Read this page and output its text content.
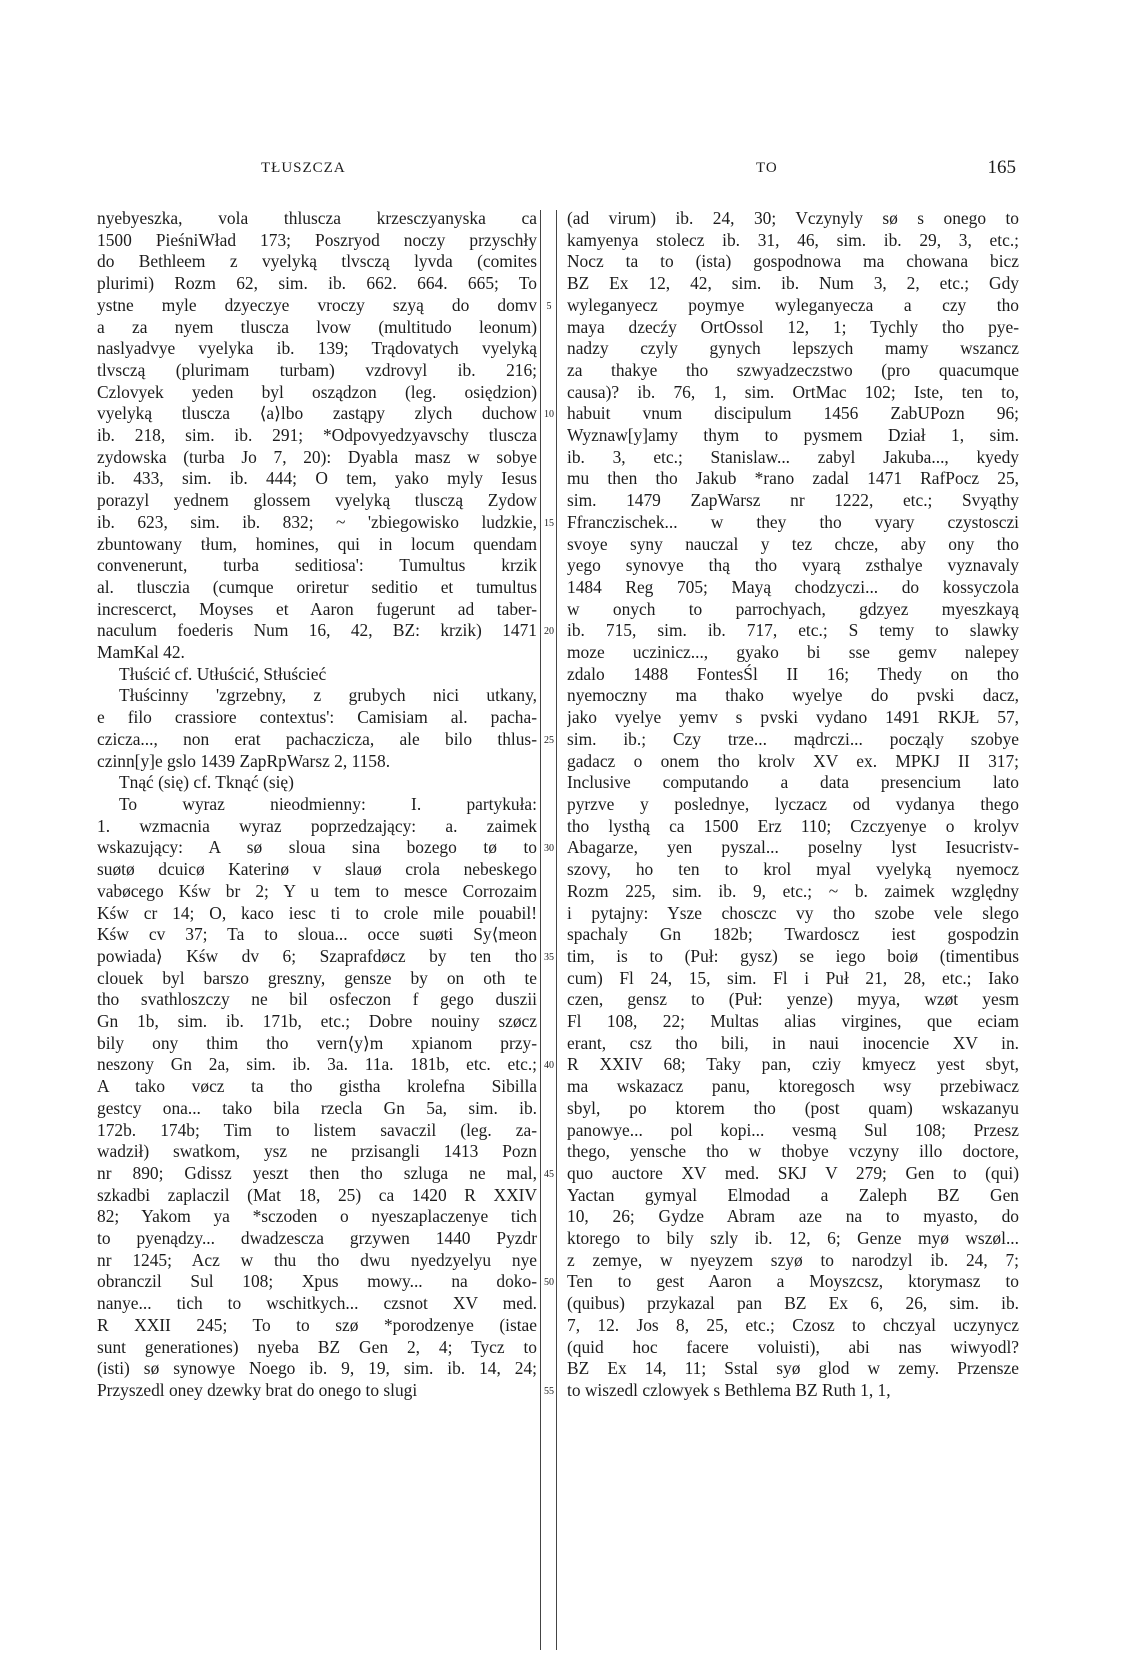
TŁUSZCZA	TO	165
5
10
15
20
25
30
35
40
45
50
55
nyebyeszka, vola thluscza krzesczyanyska ca
1500 PieśniWład 173; Poszryod noczy przyschły
do Bethleem z vyelyką tlvsczą lyvda (comites
plurimi) Rozm 62, sim. ib. 662. 664. 665; To
ystne myle dzyeczye vroczy szyą do domv
a za nyem tluscza lvow (multitudo leonum)
naslyadvye vyelyka ib. 139; Trądovatych vyelyką
tlvsczą (plurimam turbam) vzdrovyl ib. 216;
Czlovyek yeden byl osządzon (leg. osiędzion)
vyelyką tluscza ⟨a⟩lbo zastąpy zlych duchow
ib. 218, sim. ib. 291; *Odpovyedzyavschy tluscza
zydowska (turba Jo 7, 20): Dyabla masz w sobye
ib. 433, sim. ib. 444; O tem, yako myly Iesus
porazyl yednem glossem vyelyką tlusczą Zydow
ib. 623, sim. ib. 832; ~ 'zbiegowisko ludzkie,
zbuntowany tłum, homines, qui in locum quendam
convenerunt, turba seditiosa': Tumultus krzik
al. tlusczia (cumque oriretur seditio et tumultus
increscerct, Moyses et Aaron fugerunt ad taber-
naculum foederis Num 16, 42, BZ: krzik) 1471
MamKal 42.
Tłuścić cf. Utłuścić, Stłuścieć
Tłuścinny 'zgrzebny, z grubych nici utkany,
e filo crassiore contextus': Camisiam al. pacha-
czicza..., non erat pachaczicza, ale bilo thlus-
czinn[y]e gslo 1439 ZapRpWarsz 2, 1158.
Tnąć (się) cf. Tknąć (się)
To wyraz nieodmienny: I. partykuła:
1. wzmacnia wyraz poprzedzający: a. zaimek
wskazujący: A sø sloua sina bozego tø to
suøtø dcuicø Katerinø v slauø crola nebeskego
vabøcego Kśw br 2; Y u tem to mesce Corrozaim
Kśw cr 14; O, kaco iesc ti to crole mile pouabil!
Kśw cv 37; Ta to sloua... occe suøti Sy⟨meon
powiada⟩ Kśw dv 6; Szaprafdøcz by ten tho
clouek byl barszo greszny, gensze by on oth te
tho svathloszczy ne bil osfeczon f gego duszii
Gn 1b, sim. ib. 171b, etc.; Dobre nouiny szøcz
bily ony thim tho vern⟨y⟩m xpianom przy-
neszony Gn 2a, sim. ib. 3a. 11a. 181b, etc. etc.;
A tako vøcz ta tho gistha krolefna Sibilla
gestcy ona... tako bila rzecla Gn 5a, sim. ib.
172b. 174b; Tim to listem savaczil (leg. za-
wadził) swatkom, ysz ne przisangli 1413 Pozn
nr 890; Gdissz yeszt then tho szluga ne mal,
szkadbi zaplaczil (Mat 18, 25) ca 1420 R XXIV
82; Yakom ya *sczoden o nyeszaplaczenye tich
to pyenądzy... dwadzescza grzywen 1440 Pyzdr
nr 1245; Acz w thu tho dwu nyedzyelyu nye
obranczil Sul 108; Xpus mowy... na doko-
nanye... tich to wschitkych... czsnot XV med.
R XXII 245; To to szø *porodzenye (istae
sunt generationes) nyeba BZ Gen 2, 4; Tycz to
(isti) sø synowye Noego ib. 9, 19, sim. ib. 14, 24;
Przyszedl oney dzewky brat do onego to slugi
(ad virum) ib. 24, 30; Vczynyly sø s onego to
kamyenya stolecz ib. 31, 46, sim. ib. 29, 3, etc.;
Nocz ta to (ista) gospodnowa ma chowana bicz
BZ Ex 12, 42, sim. ib. Num 3, 2, etc.; Gdy
wyleganyecz poymye wyleganyecza a czy tho
maya dzecźy OrtOssol 12, 1; Tychly tho pye-
nadzy czyly gynych lepszych mamy wszancz
za thakye tho szwyadzeczstwo (pro quacumque
causa)? ib. 76, 1, sim. OrtMac 102; Iste, ten to,
habuit vnum discipulum 1456 ZabUPozn 96;
Wyznaw[y]amy thym to pysmem Dział 1, sim.
ib. 3, etc.; Stanislaw... zabyl Jakuba..., kyedy
mu then tho Jakub *rano zadal 1471 RafPocz 25,
sim. 1479 ZapWarsz nr 1222, etc.; Svyąthy
Ffranczischek... w they tho vyary czystosczi
svoye syny nauczal y tez chcze, aby ony tho
yego synovye thą tho vyarą zsthalye vyznavaly
1484 Reg 705; Mayą chodzyczi... do kossyczola
w onych to parrochyach, gdzyez myeszkayą
ib. 715, sim. ib. 717, etc.; S temy to slawky
moze uczinicz..., gyako bi sse gemv nalepey
zdalo 1488 FontesŚl II 16; Thedy on tho
nyemoczny ma thako wyelye do pvski dacz,
jako vyelye yemv s pvski vydano 1491 RKJŁ 57,
sim. ib.; Czy trze... mądrczi... począly szobye
gadacz o onem tho krolv XV ex. MPKJ II 317;
Inclusive computando a data presencium lato
pyrzve y poslednye, lyczacz od vydanya thego
tho lysthą ca 1500 Erz 110; Czczyenye o krolyv
Abagarze, yen pyszal... poselny lyst Iesucristv-
szovy, ho ten to krol myal vyelyką nyemocz
Rozm 225, sim. ib. 9, etc.; ~ b. zaimek względny
i pytajny: Ysze chosczc vy tho szobe vele slego
spachaly Gn 182b; Twardoscz iest gospodzin
tim, is to (Puł: gysz) se iego boiø (timentibus
cum) Fl 24, 15, sim. Fl i Puł 21, 28, etc.; Iako
czen, gensz to (Puł: yenze) myya, wzøt yesm
Fl 108, 22; Multas alias virgines, que eciam
erant, csz tho bili, in naui inocencie XV in.
R XXIV 68; Taky pan, cziy kmyecz yest sbyt,
ma wskazacz panu, ktoregosch wsy przebiwacz
sbyl, po ktorem tho (post quam) wskazanyu
panowye... pol kopi... vesmą Sul 108; Przesz
thego, yensche tho w thobye vczyny illo doctore,
quo auctore XV med. SKJ V 279; Gen to (qui)
Yactan gymyal Elmodad a Zaleph BZ Gen
10, 26; Gydze Abram aze na to myasto, do
ktorego to bily szly ib. 12, 6; Genze myø wszøl...
z zemye, w nyeyzem szyø to narodzyl ib. 24, 7;
Ten to gest Aaron a Moyszcsz, ktorymasz to
(quibus) przykazal pan BZ Ex 6, 26, sim. ib.
7, 12. Jos 8, 25, etc.; Czosz to chczyal uczynycz
(quid hoc facere voluisti), abi nas wiwyodl?
BZ Ex 14, 11; Sstal syø glod w zemy. Przensze
to wiszedl czlowyek s Bethlema BZ Ruth 1, 1,
